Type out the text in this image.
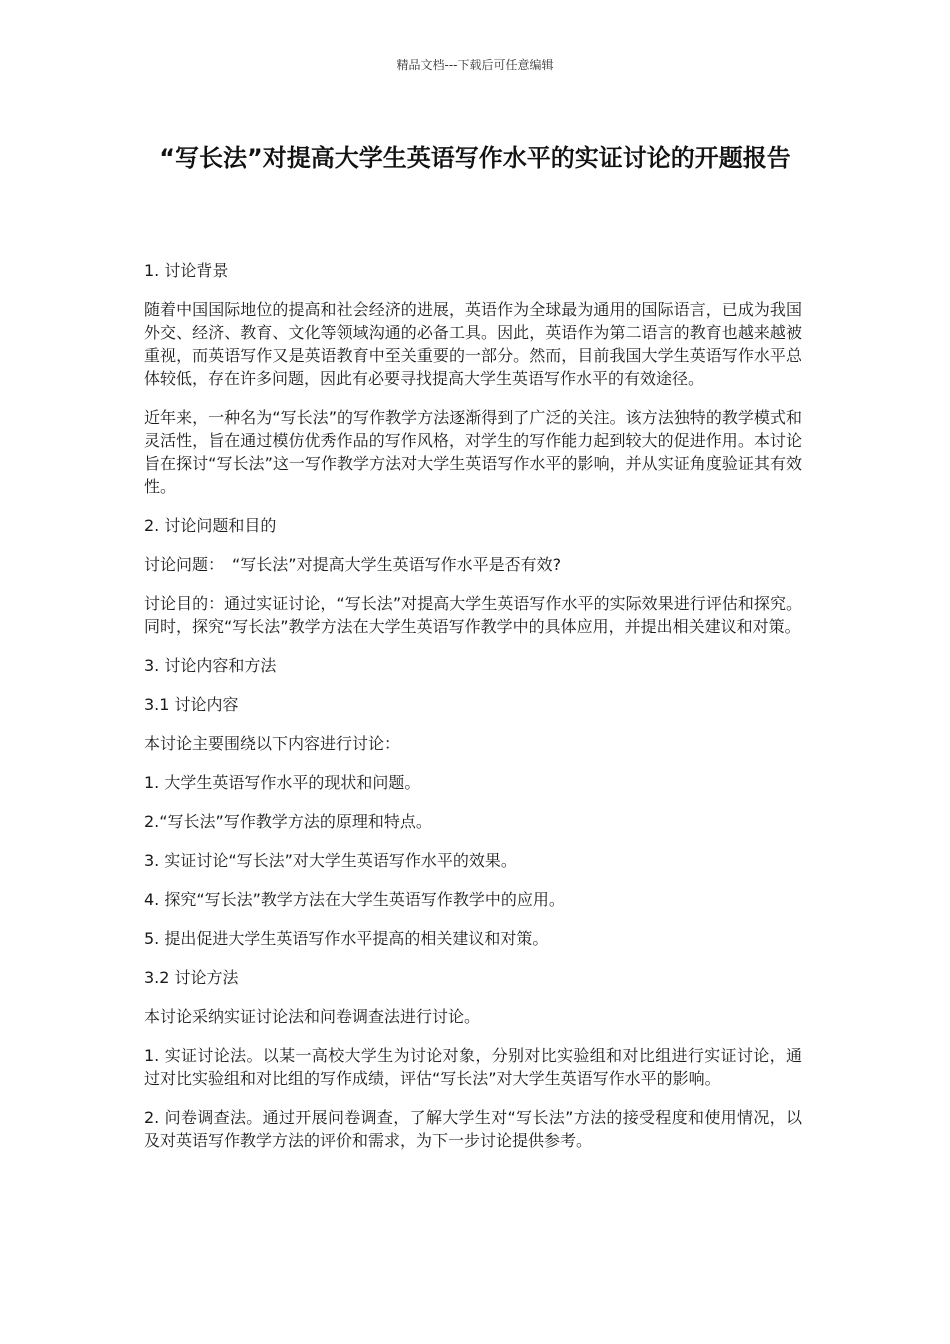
精品文档---下载后可任意编辑
“写长法”对提高大学生英语写作水平的实证讨论的开题报告
1. 讨论背景

随着中国国际地位的提高和社会经济的进展，英语作为全球最为通用的国际语言，已成为我国外交、经济、教育、文化等领域沟通的必备工具。因此，英语作为第二语言的教育也越来越被重视，而英语写作又是英语教育中至关重要的一部分。然而，目前我国大学生英语写作水平总体较低，存在许多问题，因此有必要寻找提高大学生英语写作水平的有效途径。

近年来，一种名为“写长法”的写作教学方法逐渐得到了广泛的关注。该方法独特的教学模式和灵活性，旨在通过模仿优秀作品的写作风格，对学生的写作能力起到较大的促进作用。本讨论旨在探讨“写长法”这一写作教学方法对大学生英语写作水平的影响，并从实证角度验证其有效性。

2. 讨论问题和目的

讨论问题：　“写长法”对提高大学生英语写作水平是否有效?

讨论目的：通过实证讨论，“写长法”对提高大学生英语写作水平的实际效果进行评估和探究。同时，探究“写长法”教学方法在大学生英语写作教学中的具体应用，并提出相关建议和对策。

3. 讨论内容和方法
3.1 讨论内容

本讨论主要围绕以下内容进行讨论：

1. 大学生英语写作水平的现状和问题。

2.“写长法”写作教学方法的原理和特点。

3. 实证讨论“写长法”对大学生英语写作水平的效果。

4. 探究“写长法”教学方法在大学生英语写作教学中的应用。

5. 提出促进大学生英语写作水平提高的相关建议和对策。

3.2 讨论方法

本讨论采纳实证讨论法和问卷调查法进行讨论。

1. 实证讨论法。以某一高校大学生为讨论对象，分别对比实验组和对比组进行实证讨论，通过对比实验组和对比组的写作成绩，评估“写长法”对大学生英语写作水平的影响。

2. 问卷调查法。通过开展问卷调查，了解大学生对“写长法”方法的接受程度和使用情况，以及对英语写作教学方法的评价和需求，为下一步讨论提供参考。
